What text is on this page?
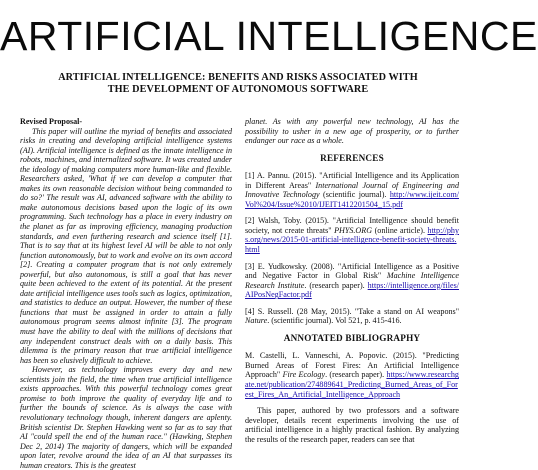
ARTIFICIAL INTELLIGENCE
ARTIFICIAL INTELLIGENCE: BENEFITS AND RISKS ASSOCIATED WITH
THE DEVELOPMENT OF AUTONOMOUS SOFTWARE

Revised Proposal-

This paper will outline the myriad of benefits and associated risks in creating and developing artificial intelligence systems (AI). Artificial intelligence is defined as the innate intelligence in robots, machines, and internalized software. It was created under the ideology of making computers more human-like and flexible. Researchers asked, 'What if we can develop a computer that makes its own reasonable decision without being commanded to do so?' The result was AI, advanced software with the ability to make autonomous decisions based upon the logic of its own programming. Such technology has a place in every industry on the planet as far as improving efficiency, managing production standards, and even furthering research and science itself [1]. That is to say that at its highest level AI will be able to not only function autonomously, but to work and evolve on its own accord [2]. Creating a computer program that is not only extremely powerful, but also autonomous, is still a goal that has never quite been achieved to the extent of its potential. At the present date artificial intelligence uses tools such as logics, optimization, and statistics to deduce an output. However, the number of these functions that must be assigned in order to attain a fully autonomous program seems almost infinite [3]. The program must have the ability to deal with the millions of decisions that any independent construct deals with on a daily basis. This dilemma is the primary reason that true artificial intelligence has been so elusively difficult to achieve.

However, as technology improves every day and new scientists join the field, the time when true artificial intelligence exists approaches. With this powerful technology comes great promise to both improve the quality of everyday life and to further the bounds of science. As is always the case with revolutionary technology though, inherent dangers are aplenty. British scientist Dr. Stephen Hawking went so far as to say that AI "could spell the end of the human race." (Hawking, Stephen Dec 2, 2014) The majority of dangers, which will be expanded upon later, revolve around the idea of an AI that surpasses its human creators. This is the greatest

planet. As with any powerful new technology, AI has the possibility to usher in a new age of prosperity, or to further endanger our race as a whole.

REFERENCES

[1] A. Pannu. (2015). "Artificial Intelligence and its Application in Different Areas" International Journal of Engineering and Innovative Technology (scientific journal). http://www.ijeit.com/Vol%204/Issue%2010/IJEIT1412201504_15.pdf

[2] Walsh, Toby. (2015). "Artificial Intelligence should benefit society, not create threats" PHYS.ORG (online article). http://phys.org/news/2015-01-artificial-intelligence-benefit-society-threats.html

[3] E. Yudkowsky. (2008). "Artificial Intelligence as a Positive and Negative Factor in Global Risk" Machine Intelligence Research Institute. (research paper). https://intelligence.org/files/AIPosNegFactor.pdf

[4] S. Russell. (28 May, 2015). "Take a stand on AI weapons" Nature. (scientific journal). Vol 521, p. 415-416.

ANNOTATED BIBLIOGRAPHY

M. Castelli, L. Vanneschi, A. Popovic. (2015). "Predicting Burned Areas of Forest Fires: An Artificial Intelligence Approach" Fire Ecology. (research paper). https://www.researchgate.net/publication/274889641_Predicting_Burned_Areas_of_Forest_Fires_An_Artificial_Intelligence_Approach

This paper, authored by two professors and a software developer, details recent experiments involving the use of artificial intelligence in a highly practical fashion. By analyzing the results of the research paper, readers can see that
